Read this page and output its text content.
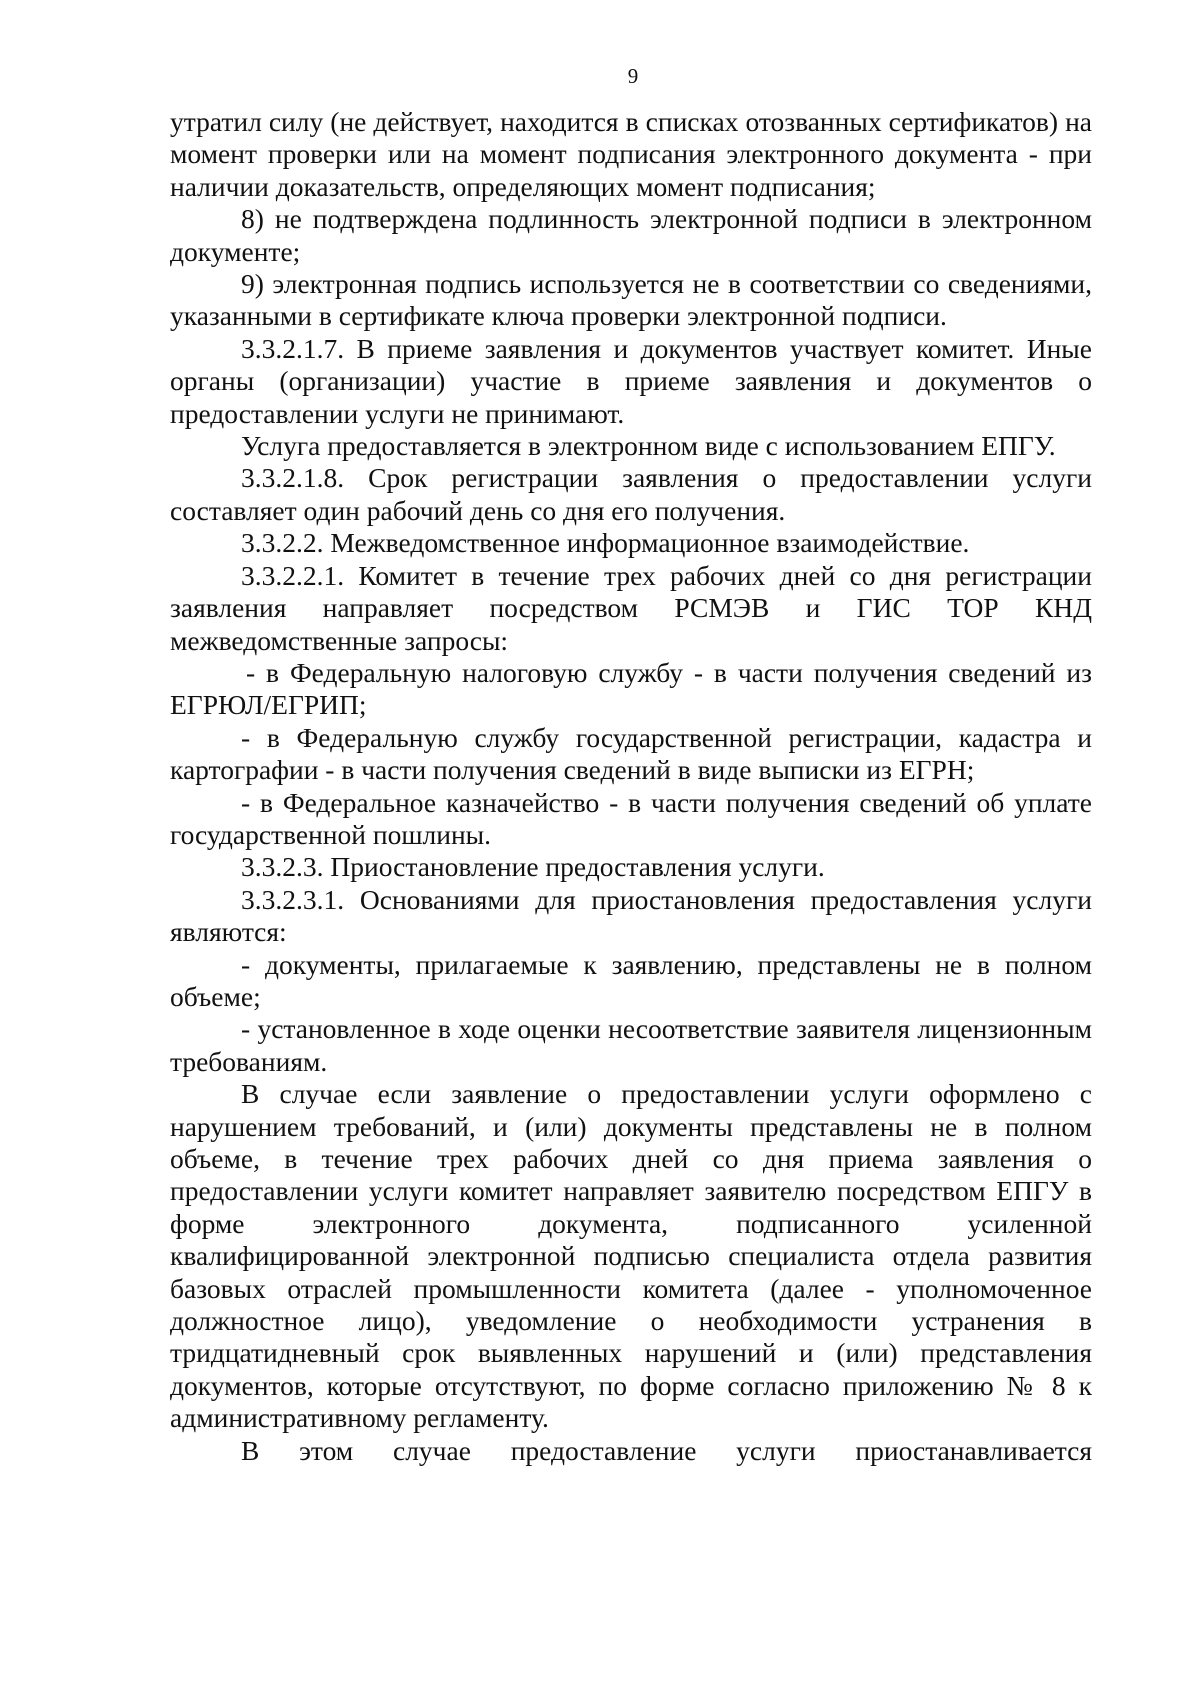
9

утратил силу (не действует, находится в списках отозванных сертификатов) на момент проверки или на момент подписания электронного документа - при наличии доказательств, определяющих момент подписания;

8) не подтверждена подлинность электронной подписи в электронном документе;

9) электронная подпись используется не в соответствии со сведениями, указанными в сертификате ключа проверки электронной подписи.

3.3.2.1.7. В приеме заявления и документов участвует комитет. Иные органы (организации) участие в приеме заявления и документов о предоставлении услуги не принимают.

Услуга предоставляется в электронном виде с использованием ЕПГУ.

3.3.2.1.8. Срок регистрации заявления о предоставлении услуги составляет один рабочий день со дня его получения.

3.3.2.2. Межведомственное информационное взаимодействие.

3.3.2.2.1. Комитет в течение трех рабочих дней со дня регистрации заявления направляет посредством РСМЭВ и ГИС ТОР КНД межведомственные запросы:

- в Федеральную налоговую службу - в части получения сведений из ЕГРЮЛ/ЕГРИП;

- в Федеральную службу государственной регистрации, кадастра и картографии - в части получения сведений в виде выписки из ЕГРН;

- в Федеральное казначейство - в части получения сведений об уплате государственной пошлины.

3.3.2.3. Приостановление предоставления услуги.

3.3.2.3.1. Основаниями для приостановления предоставления услуги являются:

- документы, прилагаемые к заявлению, представлены не в полном объеме;

- установленное в ходе оценки несоответствие заявителя лицензионным требованиям.

В случае если заявление о предоставлении услуги оформлено с нарушением требований, и (или) документы представлены не в полном объеме, в течение трех рабочих дней со дня приема заявления о предоставлении услуги комитет направляет заявителю посредством ЕПГУ в форме электронного документа, подписанного усиленной квалифицированной электронной подписью специалиста отдела развития базовых отраслей промышленности комитета (далее - уполномоченное должностное лицо), уведомление о необходимости устранения в тридцатидневный срок выявленных нарушений и (или) представления документов, которые отсутствуют, по форме согласно приложению № 8 к административному регламенту.

В этом случае предоставление услуги приостанавливается
